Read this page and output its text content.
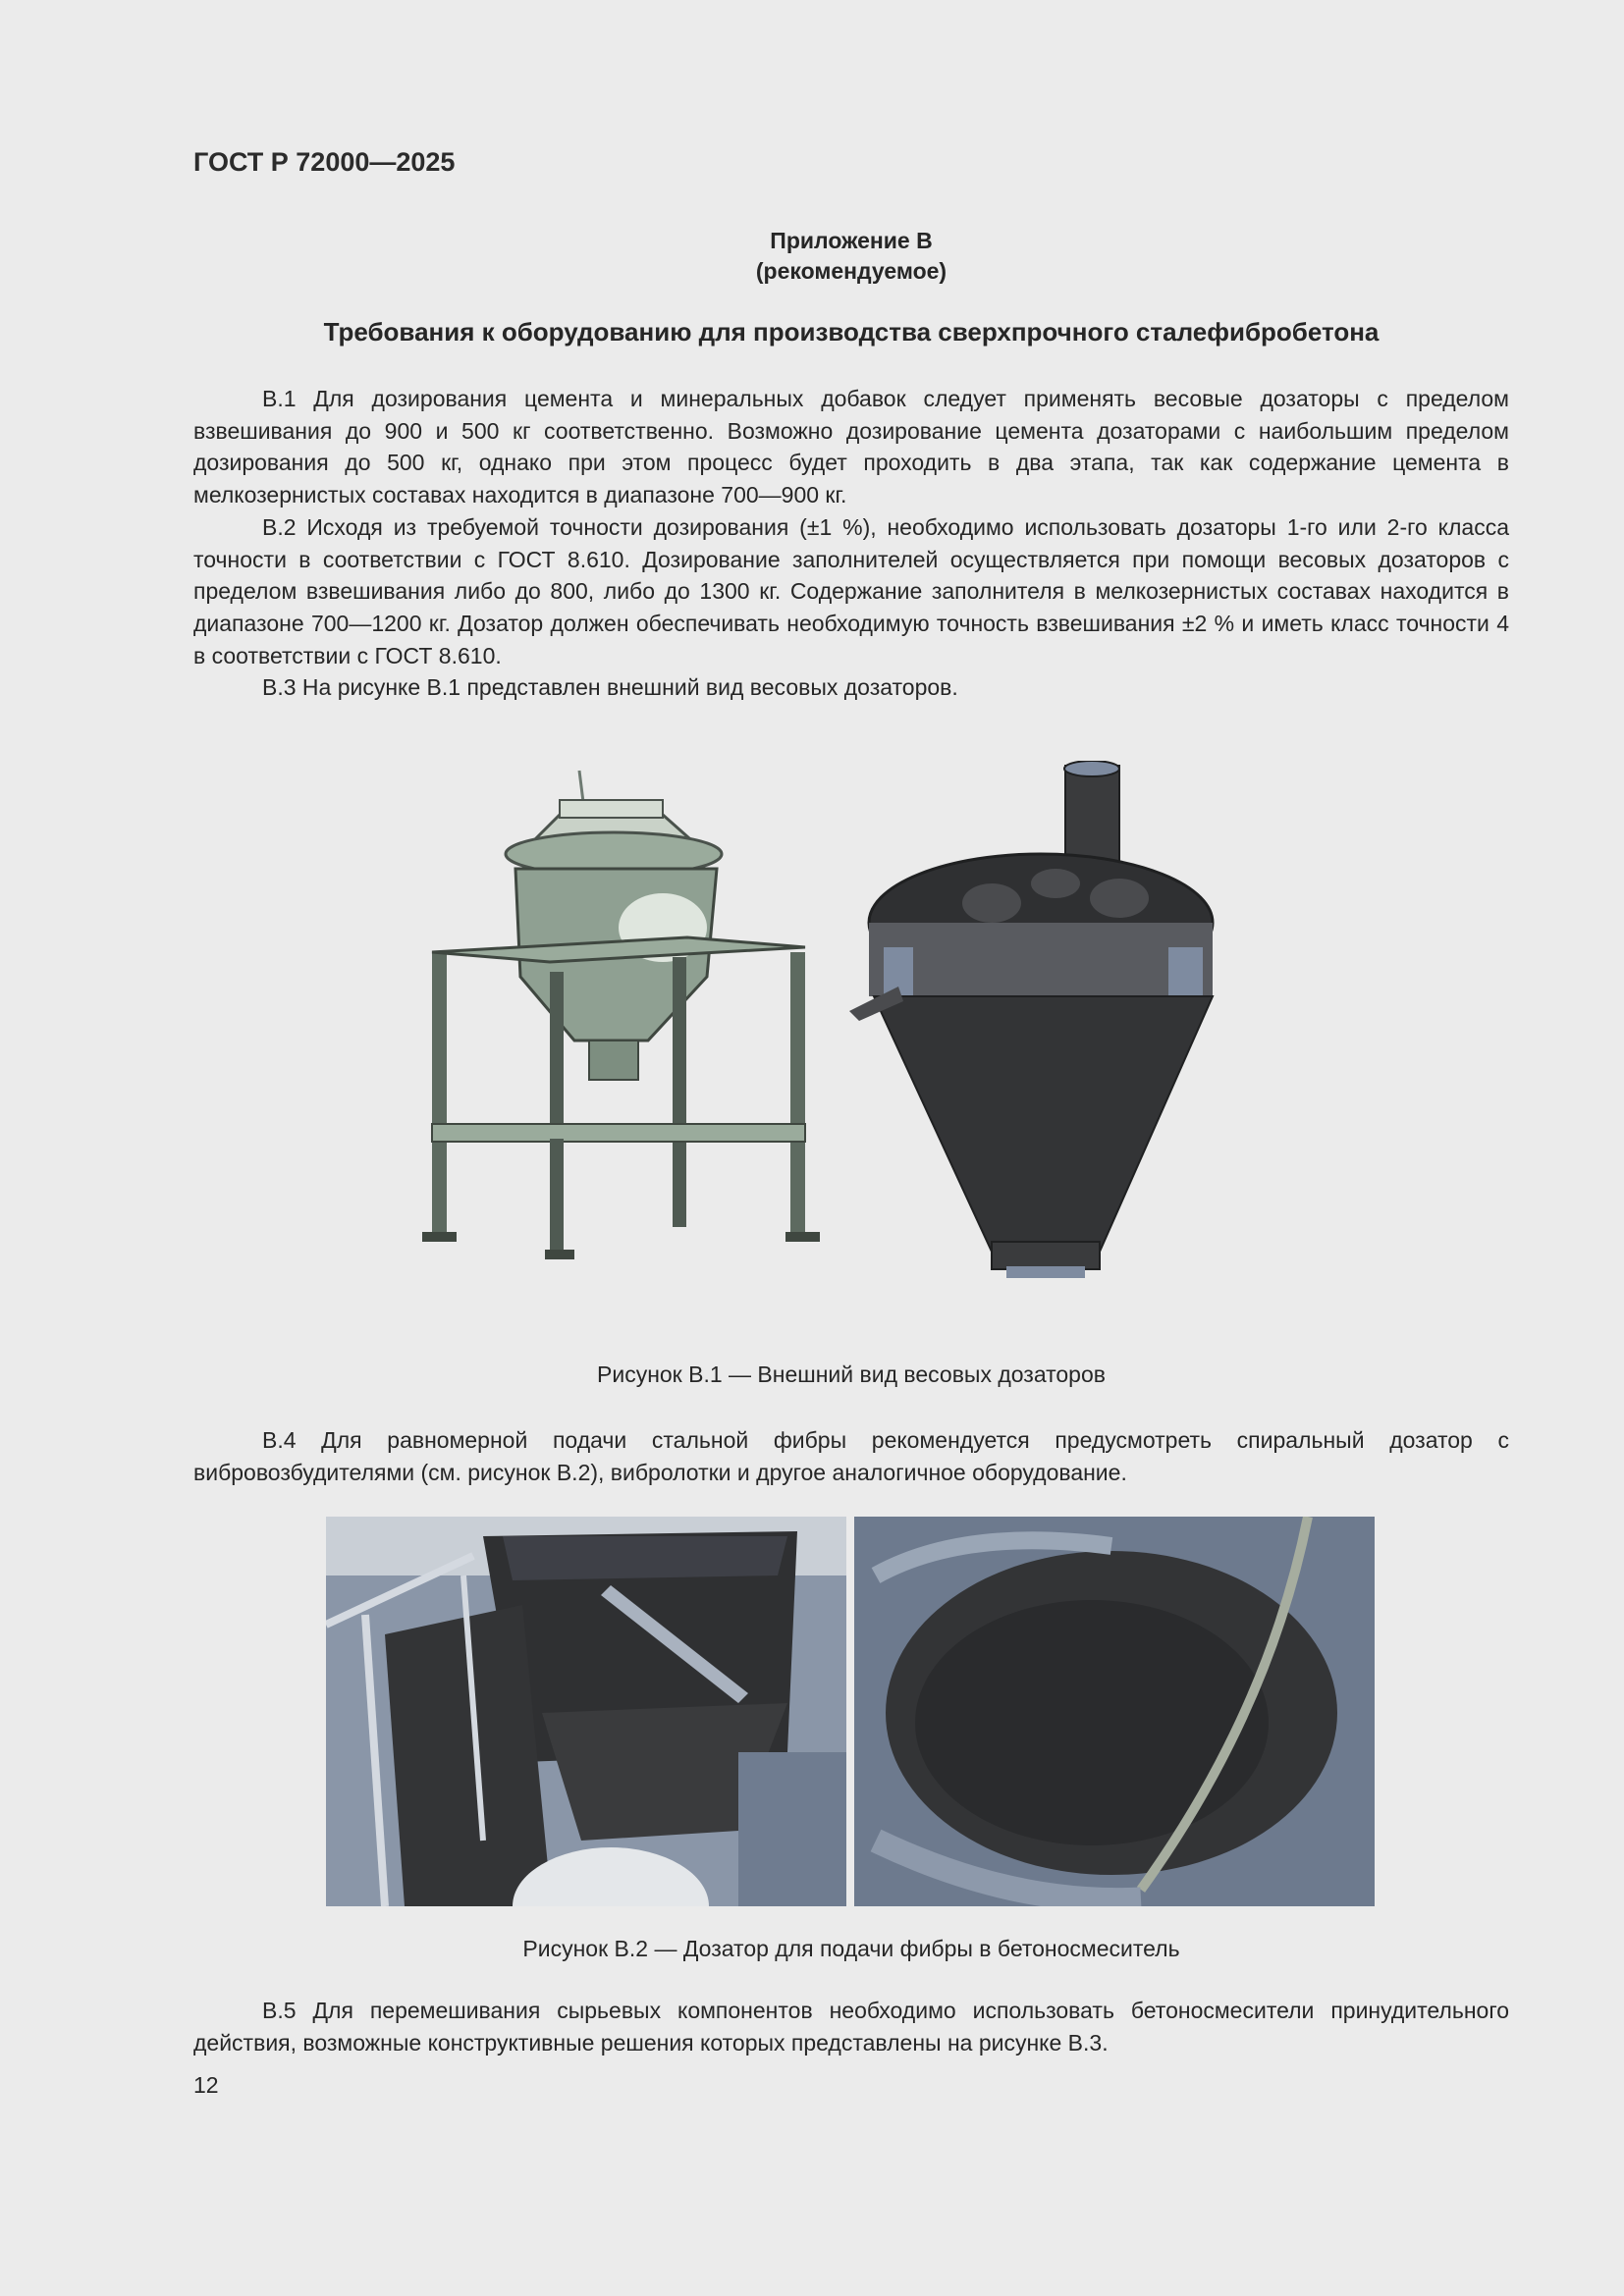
ГОСТ Р 72000—2025
Приложение В
(рекомендуемое)
Требования к оборудованию для производства сверхпрочного сталефибробетона

В.1 Для дозирования цемента и минеральных добавок следует применять весовые дозаторы с пределом взвешивания до 900 и 500 кг соответственно. Возможно дозирование цемента дозаторами с наибольшим пределом дозирования до 500 кг, однако при этом процесс будет проходить в два этапа, так как содержание цемента в мелкозернистых составах находится в диапазоне 700—900 кг.

В.2 Исходя из требуемой точности дозирования (±1 %), необходимо использовать дозаторы 1-го или 2-го класса точности в соответствии с ГОСТ 8.610. Дозирование заполнителей осуществляется при помощи весовых дозаторов с пределом взвешивания либо до 800, либо до 1300 кг. Содержание заполнителя в мелкозернистых составах находится в диапазоне 700—1200 кг. Дозатор должен обеспечивать необходимую точность взвешивания ±2 % и иметь класс точности 4 в соответствии с ГОСТ 8.610.

В.3 На рисунке В.1 представлен внешний вид весовых дозаторов.

Рисунок В.1 — Внешний вид весовых дозаторов

В.4 Для равномерной подачи стальной фибры рекомендуется предусмотреть спиральный дозатор с вибровозбудителями (см. рисунок В.2), вибролотки и другое аналогичное оборудование.

Рисунок В.2 — Дозатор для подачи фибры в бетоносмеситель

В.5 Для перемешивания сырьевых компонентов необходимо использовать бетоносмесители принудительного действия, возможные конструктивные решения которых представлены на рисунке В.3.

12
